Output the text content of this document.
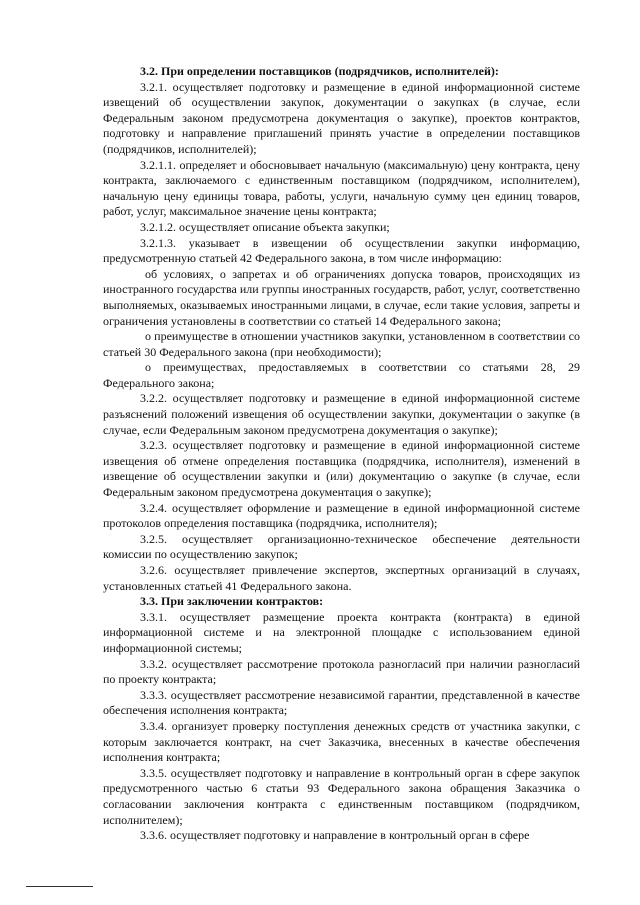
3.2. При определении поставщиков (подрядчиков, исполнителей):

3.2.1. осуществляет подготовку и размещение в единой информационной системе извещений об осуществлении закупок, документации о закупках (в случае, если Федеральным законом предусмотрена документация о закупке), проектов контрактов, подготовку и направление приглашений принять участие в определении поставщиков (подрядчиков, исполнителей);

3.2.1.1. определяет и обосновывает начальную (максимальную) цену контракта, цену контракта, заключаемого с единственным поставщиком (подрядчиком, исполнителем), начальную цену единицы товара, работы, услуги, начальную сумму цен единиц товаров, работ, услуг, максимальное значение цены контракта;

3.2.1.2. осуществляет описание объекта закупки;

3.2.1.3. указывает в извещении об осуществлении закупки информацию, предусмотренную статьей 42 Федерального закона, в том числе информацию:

об условиях, о запретах и об ограничениях допуска товаров, происходящих из иностранного государства или группы иностранных государств, работ, услуг, соответственно выполняемых, оказываемых иностранными лицами, в случае, если такие условия, запреты и ограничения установлены в соответствии со статьей 14 Федерального закона;

о преимуществе в отношении участников закупки, установленном в соответствии со статьей 30 Федерального закона (при необходимости);

о преимуществах, предоставляемых в соответствии со статьями 28, 29 Федерального закона;

3.2.2. осуществляет подготовку и размещение в единой информационной системе разъяснений положений извещения об осуществлении закупки, документации о закупке (в случае, если Федеральным законом предусмотрена документация о закупке);

3.2.3. осуществляет подготовку и размещение в единой информационной системе извещения об отмене определения поставщика (подрядчика, исполнителя), изменений в извещение об осуществлении закупки и (или) документацию о закупке (в случае, если Федеральным законом предусмотрена документация о закупке);

3.2.4. осуществляет оформление и размещение в единой информационной системе протоколов определения поставщика (подрядчика, исполнителя);

3.2.5. осуществляет организационно-техническое обеспечение деятельности комиссии по осуществлению закупок;

3.2.6. осуществляет привлечение экспертов, экспертных организаций в случаях, установленных статьей 41 Федерального закона.

3.3. При заключении контрактов:

3.3.1. осуществляет размещение проекта контракта (контракта) в единой информационной системе и на электронной площадке с использованием единой информационной системы;

3.3.2. осуществляет рассмотрение протокола разногласий при наличии разногласий по проекту контракта;

3.3.3. осуществляет рассмотрение независимой гарантии, представленной в качестве обеспечения исполнения контракта;

3.3.4. организует проверку поступления денежных средств от участника закупки, с которым заключается контракт, на счет Заказчика, внесенных в качестве обеспечения исполнения контракта;

3.3.5. осуществляет подготовку и направление в контрольный орган в сфере закупок предусмотренного частью 6 статьи 93 Федерального закона обращения Заказчика о согласовании заключения контракта с единственным поставщиком (подрядчиком, исполнителем);

3.3.6. осуществляет подготовку и направление в контрольный орган в сфере
